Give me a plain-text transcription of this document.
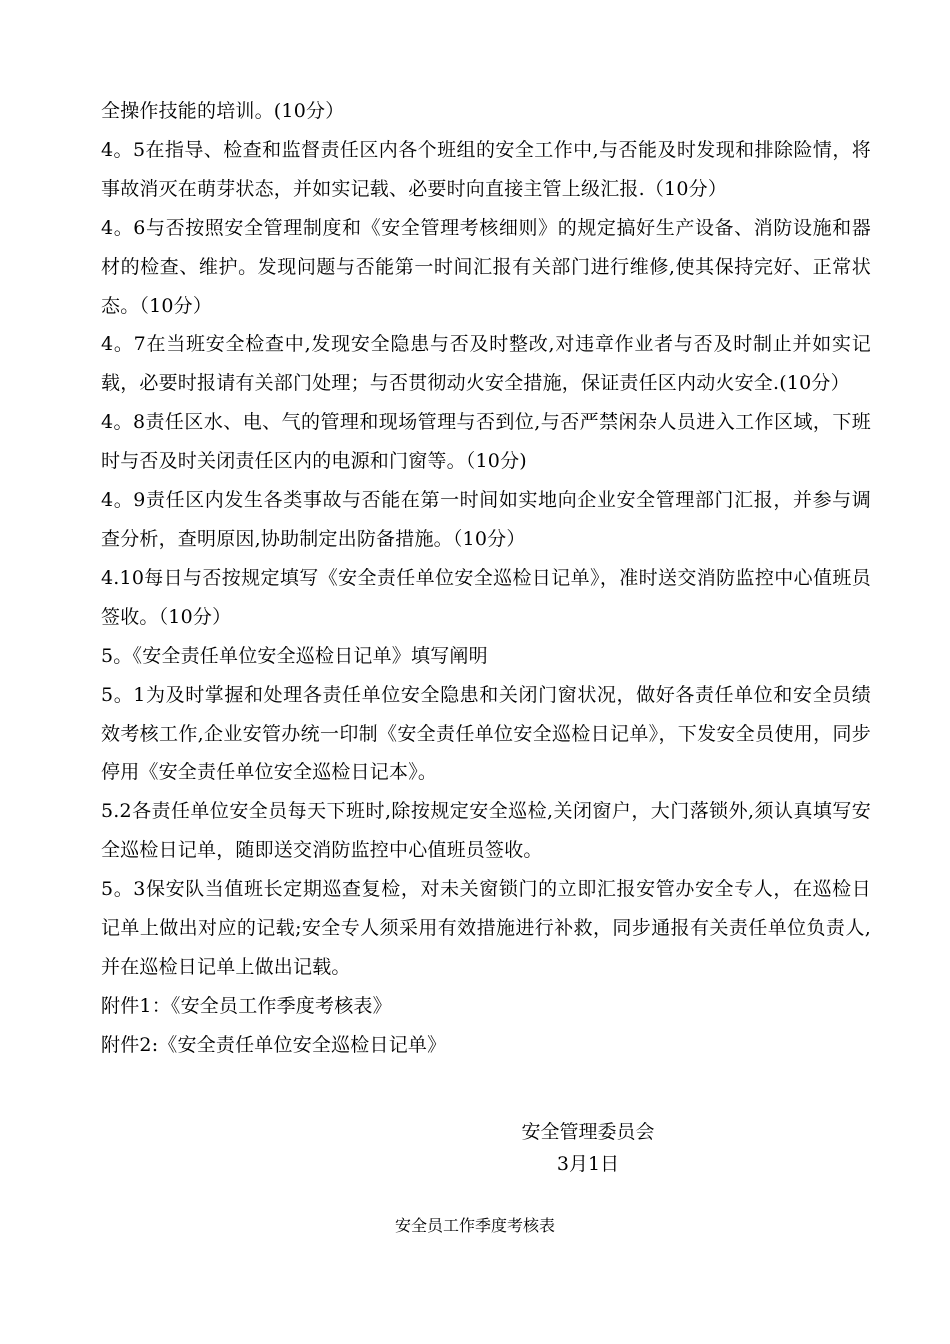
全操作技能的培训。(10分）

4。5在指导、检查和监督责任区内各个班组的安全工作中,与否能及时发现和排除险情，将事故消灭在萌芽状态，并如实记载、必要时向直接主管上级汇报.（10分）

4。6与否按照安全管理制度和《安全管理考核细则》的规定搞好生产设备、消防设施和器材的检查、维护。发现问题与否能第一时间汇报有关部门进行维修,使其保持完好、正常状态。（10分）

4。7在当班安全检查中,发现安全隐患与否及时整改,对违章作业者与否及时制止并如实记载，必要时报请有关部门处理；与否贯彻动火安全措施，保证责任区内动火安全.(10分）

4。8责任区水、电、气的管理和现场管理与否到位,与否严禁闲杂人员进入工作区域，下班时与否及时关闭责任区内的电源和门窗等。（10分)

4。9责任区内发生各类事故与否能在第一时间如实地向企业安全管理部门汇报，并参与调查分析，查明原因,协助制定出防备措施。（10分）

4.10每日与否按规定填写《安全责任单位安全巡检日记单》，准时送交消防监控中心值班员签收。（10分）

5。《安全责任单位安全巡检日记单》填写阐明

5。1为及时掌握和处理各责任单位安全隐患和关闭门窗状况，做好各责任单位和安全员绩效考核工作,企业安管办统一印制《安全责任单位安全巡检日记单》，下发安全员使用，同步停用《安全责任单位安全巡检日记本》。

5.2各责任单位安全员每天下班时,除按规定安全巡检,关闭窗户，大门落锁外,须认真填写安全巡检日记单，随即送交消防监控中心值班员签收。

5。3保安队当值班长定期巡查复检，对未关窗锁门的立即汇报安管办安全专人，在巡检日记单上做出对应的记载;安全专人须采用有效措施进行补救，同步通报有关责任单位负责人,并在巡检日记单上做出记载。

附件1：《安全员工作季度考核表》

附件2:《安全责任单位安全巡检日记单》

安全管理委员会
3月1日
安全员工作季度考核表
